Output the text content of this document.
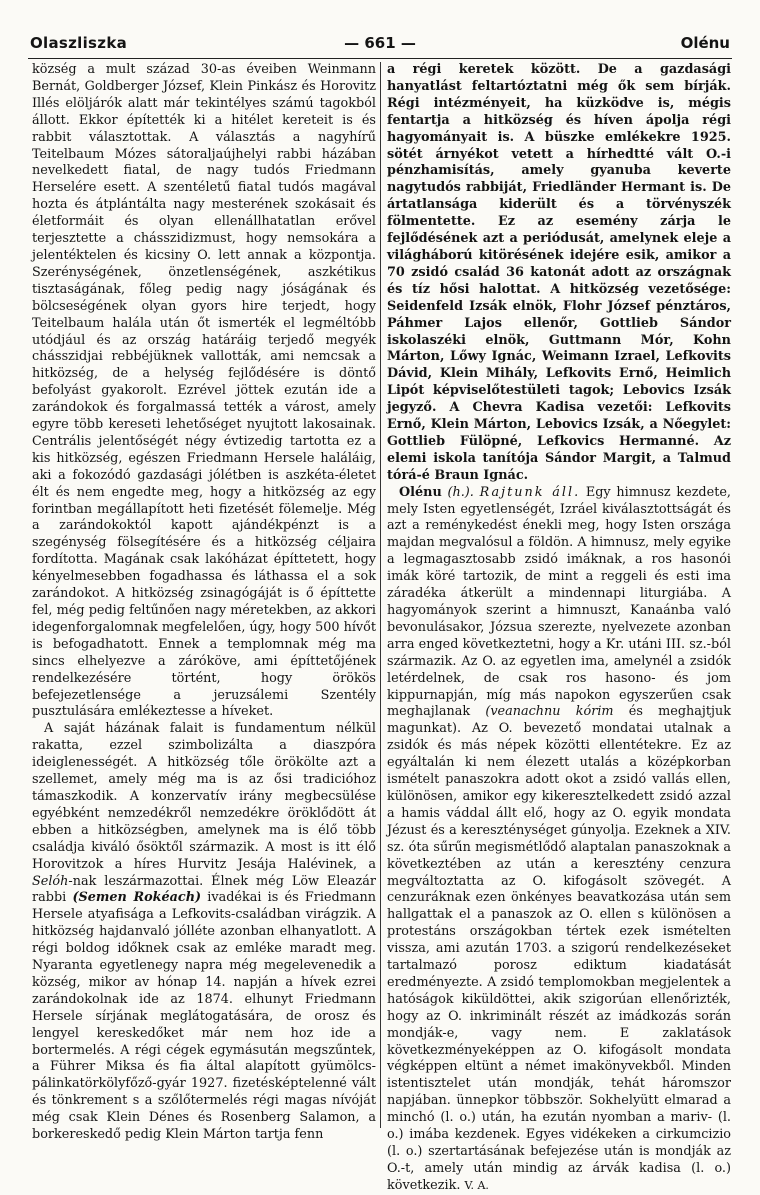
Olaszliszka	— 661 —	Olénu

község a mult század 30-as éveiben Weinmann Bernát, Goldberger József, Klein Pinkász és Horovitz Illés elöljárók alatt már tekintélyes számú tagokból állott. Ekkor építették ki a hitélet kereteit is és rabbit választottak. A választás a nagyhírű Teitelbaum Mózes sátoraljaújhelyi rabbi házában nevelkedett fiatal, de nagy tudós Friedmann Herselére esett. A szentéletű fiatal tudós magával hozta és átplántálta nagy mesterének szokásait és életformáit és olyan ellenállhatatlan erővel terjesztette a chásszidizmust, hogy nemsokára a jelentéktelen és kicsiny O. lett annak a központja. Szerénységének, önzetlenségének, aszkétikus tisztaságának, főleg pedig nagy jóságának és bölcseségének olyan gyors hire terjedt, hogy Teitelbaum halála után őt ismerték el legméltóbb utódjául és az ország határáig terjedő megyék chásszidjai rebbéjüknek vallották, ami nemcsak a hitközség, de a helység fejlődésére is döntő befolyást gyakorolt. Ezrével jöttek ezután ide a zarándokok és forgalmassá tették a várost, amely egyre több kereseti lehetőséget nyujtott lakosainak. Centrális jelentőségét négy évtizedig tartotta ez a kis hitközség, egészen Friedmann Hersele haláláig, aki a fokozódó gazdasági jólétben is aszkéta-életet élt és nem engedte meg, hogy a hitközség az egy forintban megállapított heti fizetését fölemelje. Még a zarándokoktól kapott ajándékpénzt is a szegénység fölsegítésére és a hitközség céljaira fordította. Magának csak lakóházat építtetett, hogy kényelmesebben fogadhassa és láthassa el a sok zarándokot. A hitközség zsinagógáját is ő építtette fel, még pedig feltűnően nagy méretekben, az akkori idegenforgalomnak megfelelően, úgy, hogy 500 hívőt is befogadhatott. Ennek a templomnak még ma sincs elhelyezve a záróköve, ami építtetőjének rendelkezésére történt, hogy örökös befejezetlensége a jeruzsálemi Szentély pusztulására emlékeztesse a híveket.

A saját házának falait is fundamentum nélkül rakatta, ezzel szimbolizálta a diaszpóra ideiglenességét. A hitközség tőle örökölte azt a szellemet, amely még ma is az ősi tradicióhoz támaszkodik. A konzervatív irány megbecsülése egyébként nemzedékről nemzedékre öröklődött át ebben a hitközségben, amelynek ma is élő több családja kiváló ősöktől származik. A most is itt élő Horovitzok a híres Hurvitz Jesája Halévinek, a Selóh-nak leszármazottai. Élnek még Löw Eleazár rabbi (Semen Rokéach) ivadékai is és Friedmann Hersele atyafisága a Lefkovits-családban virágzik. A hitközség hajdanvaló jólléte azonban elhanyatlott. A régi boldog időknek csak az emléke maradt meg. Nyaranta egyetlenegy napra még megelevenedik a község, mikor av hónap 14. napján a hívek ezrei zarándokolnak ide az 1874. elhunyt Friedmann Hersele sírjának meglátogatására, de orosz és lengyel kereskedőket már nem hoz ide a bortermelés. A régi cégek egymásután megszűntek, a Führer Miksa és fia által alapított gyümölcs-pálinkatörkölyfőző-gyár 1927. fizetésképtelenné vált és tönkrement s a szőlőtermelés régi magas nívóját még csak Klein Dénes és Rosenberg Salamon, a borkereskedő pedig Klein Márton tartja fenn

a régi keretek között. De a gazdasági hanyatlást feltartóztatni még ők sem bírják. Régi intézményeit, ha küzködve is, mégis fentartja a hitközség és híven ápolja régi hagyományait is. A büszke emlékekre 1925. sötét árnyékot vetett a hírhedtté vált O.-i pénzhamisítás, amely gyanuba keverte nagytudós rabbiját, Friedländer Hermant is. De ártatlansága kiderült és a törvényszék fölmentette. Ez az esemény zárja le fejlődésének azt a periódusát, amelynek eleje a világháború kitörésének idejére esik, amikor a 70 zsidó család 36 katonát adott az országnak és tíz hősi halottat. A hitközség vezetősége: Seidenfeld Izsák elnök, Flohr József pénztáros, Páhmer Lajos ellenőr, Gottlieb Sándor iskolaszéki elnök, Guttmann Mór, Kohn Márton, Lőwy Ignác, Weimann Izrael, Lefkovits Dávid, Klein Mihály, Lefkovits Ernő, Heimlich Lipót képviselőtestületi tagok; Lebovics Izsák jegyző. A Chevra Kadisa vezetői: Lefkovits Ernő, Klein Márton, Lebovics Izsák, a Nőegylet: Gottlieb Fülöpné, Lefkovics Hermanné. Az elemi iskola tanítója Sándor Margit, a Talmud tórá-é Braun Ignác.

Olénu (h.). Rajtunk áll. Egy himnusz kezdete, mely Isten egyetlenségét, Izráel kiválasztottságát és azt a reménykedést énekli meg, hogy Isten országa majdan megvalósul a földön. A himnusz, mely egyike a legmagasztosabb zsidó imáknak, a ros hasonói imák köré tartozik, de mint a reggeli és esti ima záradéka átkerült a mindennapi liturgiába. A hagyományok szerint a himnuszt, Kanaánba való bevonulásakor, Józsua szerezte, nyelvezete azonban arra enged következtetni, hogy a Kr. utáni III. sz.-ból származik. Az O. az egyetlen ima, amelynél a zsidók letérdelnek, de csak ros hasono- és jom kippurnapján, míg más napokon egyszerűen csak meghajlanak (veanachnu kórim és meghajtjuk magunkat). Az O. bevezető mondatai utalnak a zsidók és más népek közötti ellentétekre. Ez az egyáltalán ki nem élezett utalás a középkorban ismételt panaszokra adott okot a zsidó vallás ellen, különösen, amikor egy kikeresztelkedett zsidó azzal a hamis váddal állt elő, hogy az O. egyik mondata Jézust és a kereszténységet gúnyolja. Ezeknek a XIV. sz. óta sűrűn megismétlődő alaptalan panaszoknak a következtében az után a keresztény cenzura megváltoztatta az O. kifogásolt szövegét. A cenzuráknak ezen önkényes beavatkozása után sem hallgattak el a panaszok az O. ellen s különösen a protestáns országokban tértek ezek ismételten vissza, ami azután 1703. a szigorú rendelkezéseket tartalmazó porosz ediktum kiadatását eredményezte. A zsidó templomokban megjelentek a hatóságok kiküldöttei, akik szigorúan ellenőrizték, hogy az O. inkriminált részét az imádkozás során mondják-e, vagy nem. E zaklatások következményeképpen az O. kifogásolt mondata végképpen eltünt a német imakönyvekből. Minden istentisztelet után mondják, tehát háromszor napjában. ünnepkor többször. Sokhelyütt elmarad a minchó (l. o.) után, ha ezután nyomban a mariv- (l. o.) imába kezdenek. Egyes vidékeken a cirkumcizio (l. o.) szertartásának befejezése után is mondják az O.-t, amely után mindig az árvák kadisa (l. o.) következik. V. A.
